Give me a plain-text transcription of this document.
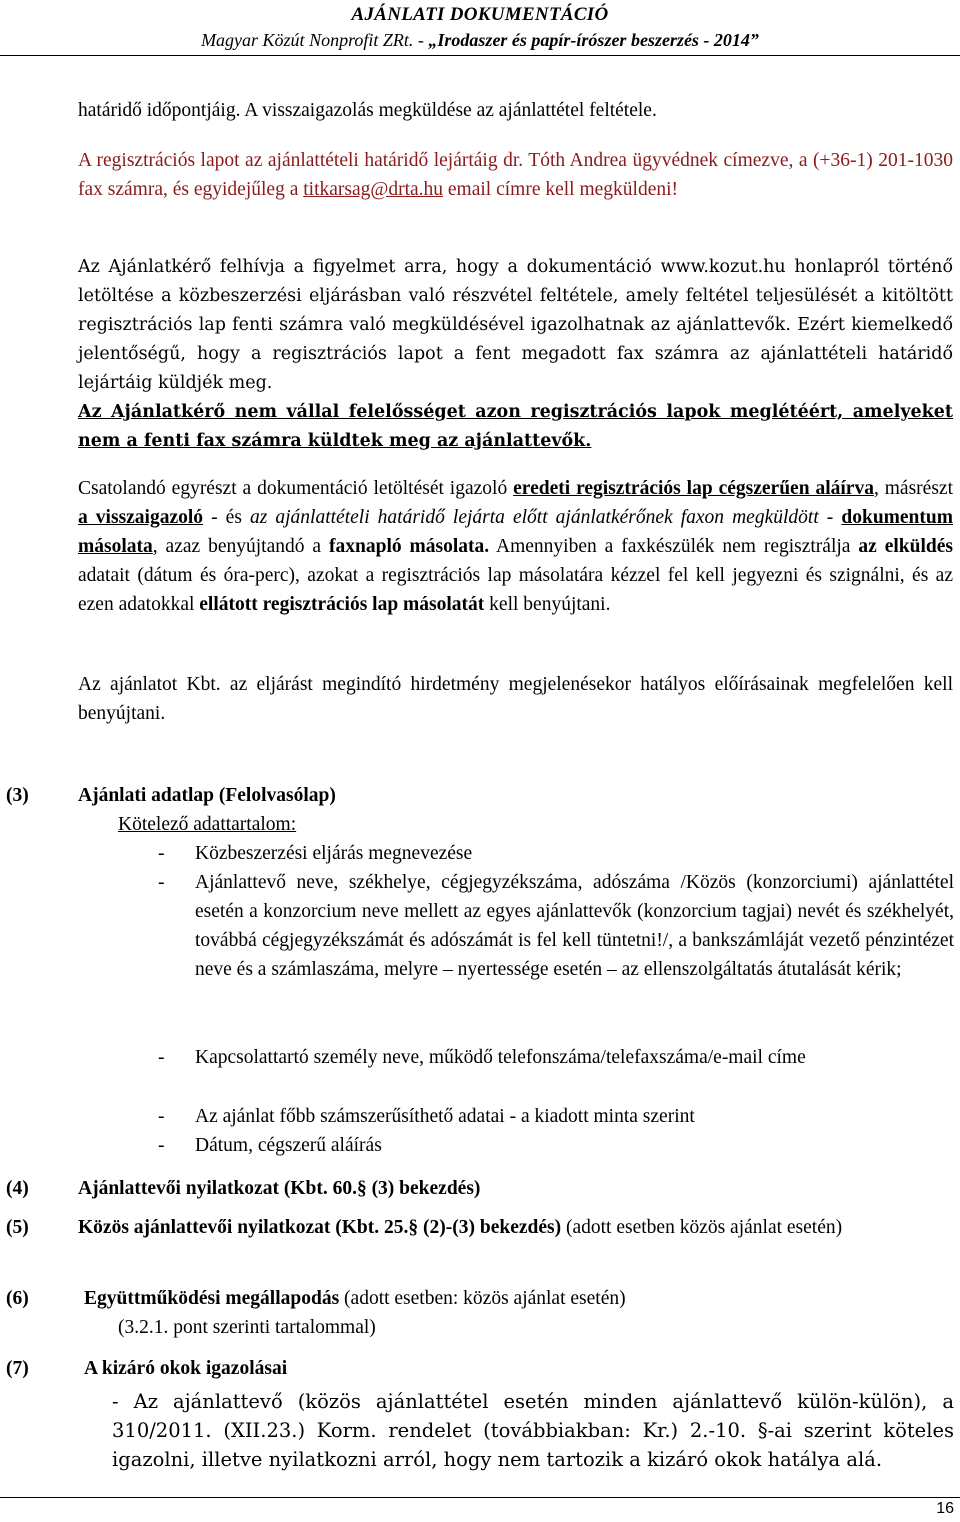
AJÁNLATI DOKUMENTÁCIÓ
Magyar Közút Nonprofit ZRt. - „Irodaszer és papír-írószer beszerzés - 2014”
határidő időpontjáig. A visszaigazolás megküldése az ajánlattétel feltétele.
A regisztrációs lapot az ajánlattételi határidő lejártáig dr. Tóth Andrea ügyvédnek címezve, a (+36-1) 201-1030 fax számra, és egyidejűleg a titkarsag@drta.hu email címre kell megküldeni!
Az Ajánlatkérő felhívja a figyelmet arra, hogy a dokumentáció www.kozut.hu honlapról történő letöltése a közbeszerzési eljárásban való részvétel feltétele, amely feltétel teljesülését a kitöltött regisztrációs lap fenti számra való megküldésével igazolhatnak az ajánlattevők. Ezért kiemelkedő jelentőségű, hogy a regisztrációs lapot a fent megadott fax számra az ajánlattételi határidő lejártáig küldjék meg.
Az Ajánlatkérő nem vállal felelősséget azon regisztrációs lapok meglétéért, amelyeket nem a fenti fax számra küldtek meg az ajánlattevők.
Csatolandó egyrészt a dokumentáció letöltését igazoló eredeti regisztrációs lap cégszerűen aláírva, másrészt a visszaigazoló - és az ajánlattételi határidő lejárta előtt ajánlatkérőnek faxon megküldött - dokumentum másolata, azaz benyújtandó a faxnapló másolata. Amennyiben a faxkészülék nem regisztrálja az elküldés adatait (dátum és óra-perc), azokat a regisztrációs lap másolatára kézzel fel kell jegyezni és szignálni, és az ezen adatokkal ellátott regisztrációs lap másolatát kell benyújtani.
Az ajánlatot Kbt. az eljárást megindító hirdetmény megjelenésekor hatályos előírásainak megfelelően kell benyújtani.
(3)	Ajánlati adatlap (Felolvasólap)
Kötelező adattartalom:
- Közbeszerzési eljárás megnevezése
- Ajánlattevő neve, székhelye, cégjegyzékszáma, adószáma /Közös (konzorciumi) ajánlattétel esetén a konzorcium neve mellett az egyes ajánlattevők (konzorcium tagjai) nevét és székhelyét, továbbá cégjegyzékszámát és adószámát is fel kell tüntetni!/, a bankszámláját vezető pénzintézet neve és a számlaszáma, melyre – nyertessége esetén – az ellenszolgáltatás átutalását kérik;
- Kapcsolattartó személy neve, működő telefonszáma/telefaxszáma/e-mail címe
- Az ajánlat főbb számszerűsíthető adatai - a kiadott minta szerint
- Dátum, cégszerű aláírás
(4)	Ajánlattevői nyilatkozat (Kbt. 60.§ (3) bekezdés)
(5)	Közös ajánlattevői nyilatkozat (Kbt. 25.§ (2)-(3) bekezdés) (adott esetben közös ajánlat esetén)
(6)	Együttműködési megállapodás (adott esetben: közös ajánlat esetén)
(3.2.1. pont szerinti tartalommal)
(7)	A kizáró okok igazolásai
- Az ajánlattevő (közös ajánlattétel esetén minden ajánlattevő külön-külön), a 310/2011. (XII.23.) Korm. rendelet (továbbiakban: Kr.) 2.-10. §-ai szerint köteles igazolni, illetve nyilatkozni arról, hogy nem tartozik a kizáró okok hatálya alá.
16
